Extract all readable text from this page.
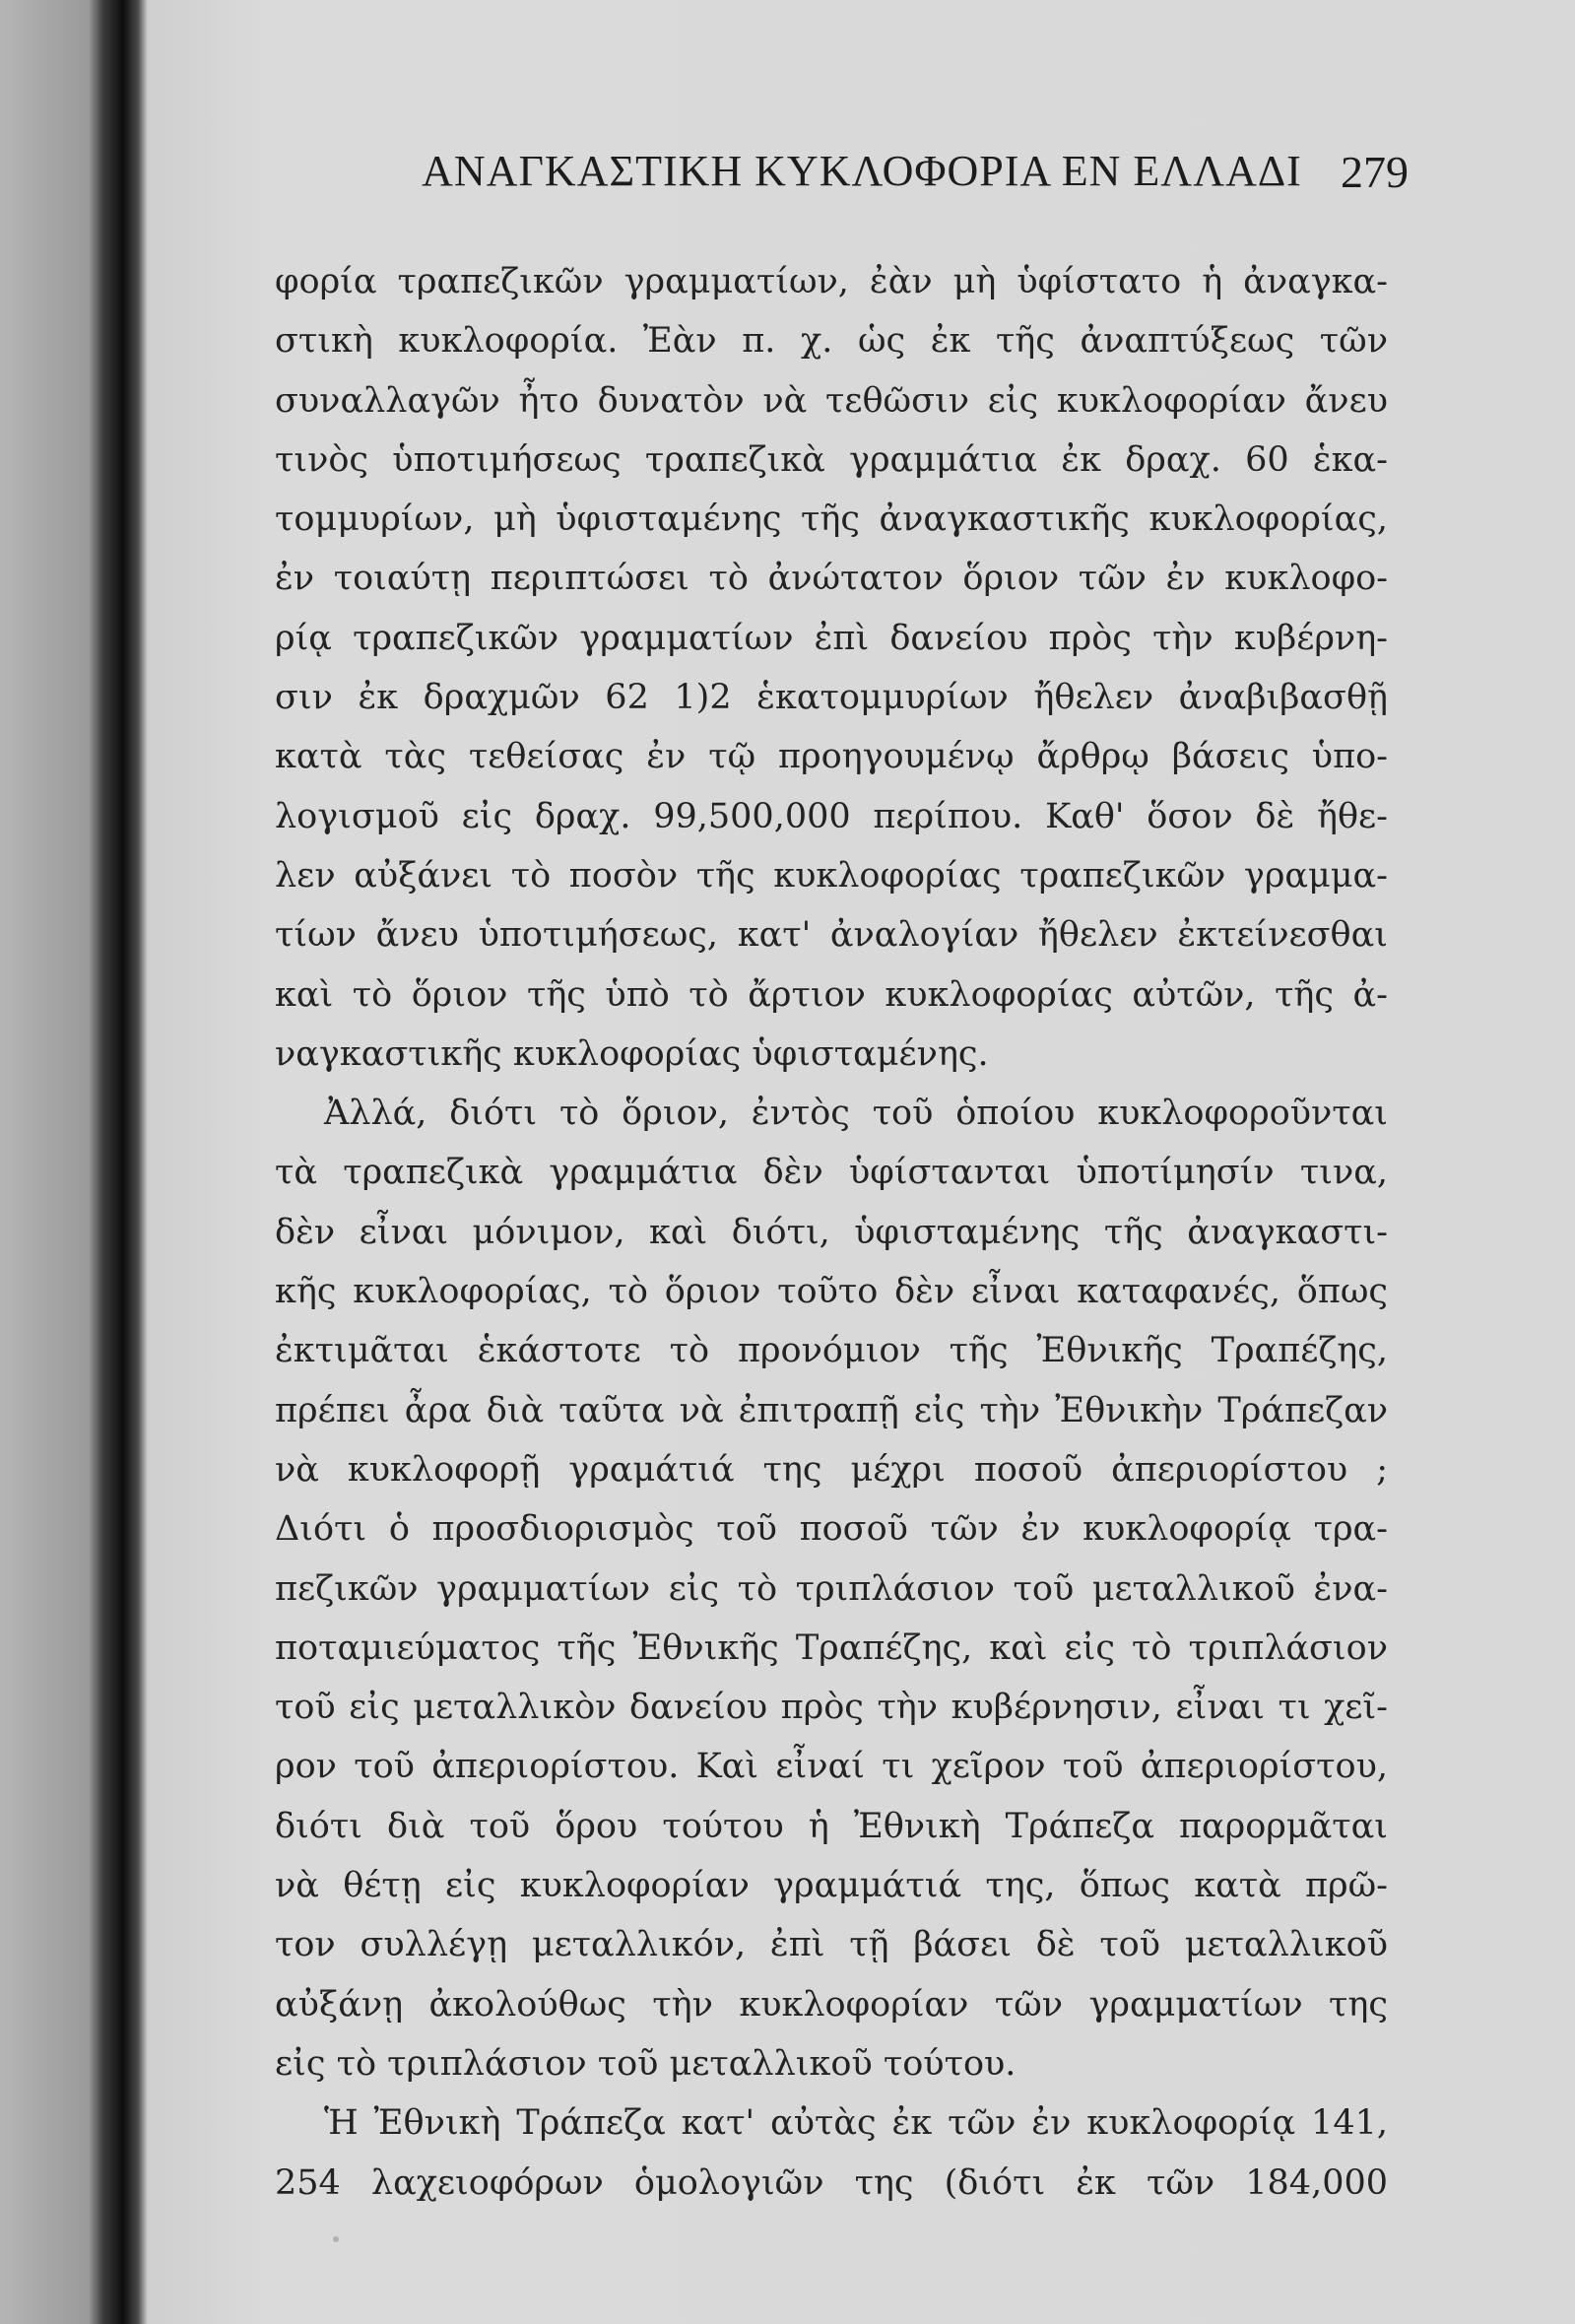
ΑΝΑΓΚΑΣΤΙΚΗ ΚΥΚΛΟΦΟΡΙΑ ΕΝ ΕΛΛΑΔΙ 279
φορία τραπεζικῶν γραμματίων, ἐὰν μὴ ὑφίστατο ἡ ἀναγκα-
στικὴ κυκλοφορία. Ἐὰν π. χ. ὡς ἐκ τῆς ἀναπτύξεως τῶν
συναλλαγῶν ἦτο δυνατὸν νὰ τεθῶσιν εἰς κυκλοφορίαν ἄνευ
τινὸς ὑποτιμήσεως τραπεζικὰ γραμμάτια ἐκ δραχ. 60 ἑκα-
τομμυρίων, μὴ ὑφισταμένης τῆς ἀναγκαστικῆς κυκλοφορίας,
ἐν τοιαύτῃ περιπτώσει τὸ ἀνώτατον ὅριον τῶν ἐν κυκλοφο-
ρίᾳ τραπεζικῶν γραμματίων ἐπὶ δανείου πρὸς τὴν κυβέρνη-
σιν ἐκ δραχμῶν 62 1)2 ἑκατομμυρίων ἤθελεν ἀναβιβασθῇ
κατὰ τὰς τεθείσας ἐν τῷ προηγουμένῳ ἄρθρῳ βάσεις ὑπο-
λογισμοῦ εἰς δραχ. 99,500,000 περίπου. Καθ' ὅσον δὲ ἤθε-
λεν αὐξάνει τὸ ποσὸν τῆς κυκλοφορίας τραπεζικῶν γραμμα-
τίων ἄνευ ὑποτιμήσεως, κατ' ἀναλογίαν ἤθελεν ἐκτείνεσθαι
καὶ τὸ ὅριον τῆς ὑπὸ τὸ ἄρτιον κυκλοφορίας αὐτῶν, τῆς ἀ-
ναγκαστικῆς κυκλοφορίας ὑφισταμένης.
Ἀλλά, διότι τὸ ὅριον, ἐντὸς τοῦ ὁποίου κυκλοφοροῦνται
τὰ τραπεζικὰ γραμμάτια δὲν ὑφίστανται ὑποτίμησίν τινα,
δὲν εἶναι μόνιμον, καὶ διότι, ὑφισταμένης τῆς ἀναγκαστι-
κῆς κυκλοφορίας, τὸ ὅριον τοῦτο δὲν εἶναι καταφανές, ὅπως
ἐκτιμᾶται ἑκάστοτε τὸ προνόμιον τῆς Ἐθνικῆς Τραπέζης,
πρέπει ἆρα διὰ ταῦτα νὰ ἐπιτραπῇ εἰς τὴν Ἐθνικὴν Τράπεζαν
νὰ κυκλοφορῇ γραμάτιά της μέχρι ποσοῦ ἀπεριορίστου ;
Διότι ὁ προσδιορισμὸς τοῦ ποσοῦ τῶν ἐν κυκλοφορίᾳ τρα-
πεζικῶν γραμματίων εἰς τὸ τριπλάσιον τοῦ μεταλλικοῦ ἐνα-
ποταμιεύματος τῆς Ἐθνικῆς Τραπέζης, καὶ εἰς τὸ τριπλάσιον
τοῦ εἰς μεταλλικὸν δανείου πρὸς τὴν κυβέρνησιν, εἶναι τι χεῖ-
ρον τοῦ ἀπεριορίστου. Καὶ εἶναί τι χεῖρον τοῦ ἀπεριορίστου,
διότι διὰ τοῦ ὅρου τούτου ἡ Ἐθνικὴ Τράπεζα παρορμᾶται
νὰ θέτῃ εἰς κυκλοφορίαν γραμμάτιά της, ὅπως κατὰ πρῶ-
τον συλλέγῃ μεταλλικόν, ἐπὶ τῇ βάσει δὲ τοῦ μεταλλικοῦ
αὐξάνῃ ἀκολούθως τὴν κυκλοφορίαν τῶν γραμματίων της
εἰς τὸ τριπλάσιον τοῦ μεταλλικοῦ τούτου.
Ἡ Ἐθνικὴ Τράπεζα κατ' αὐτὰς ἐκ τῶν ἐν κυκλοφορίᾳ 141,
254 λαχειοφόρων ὁμολογιῶν της (διότι ἐκ τῶν 184,000
